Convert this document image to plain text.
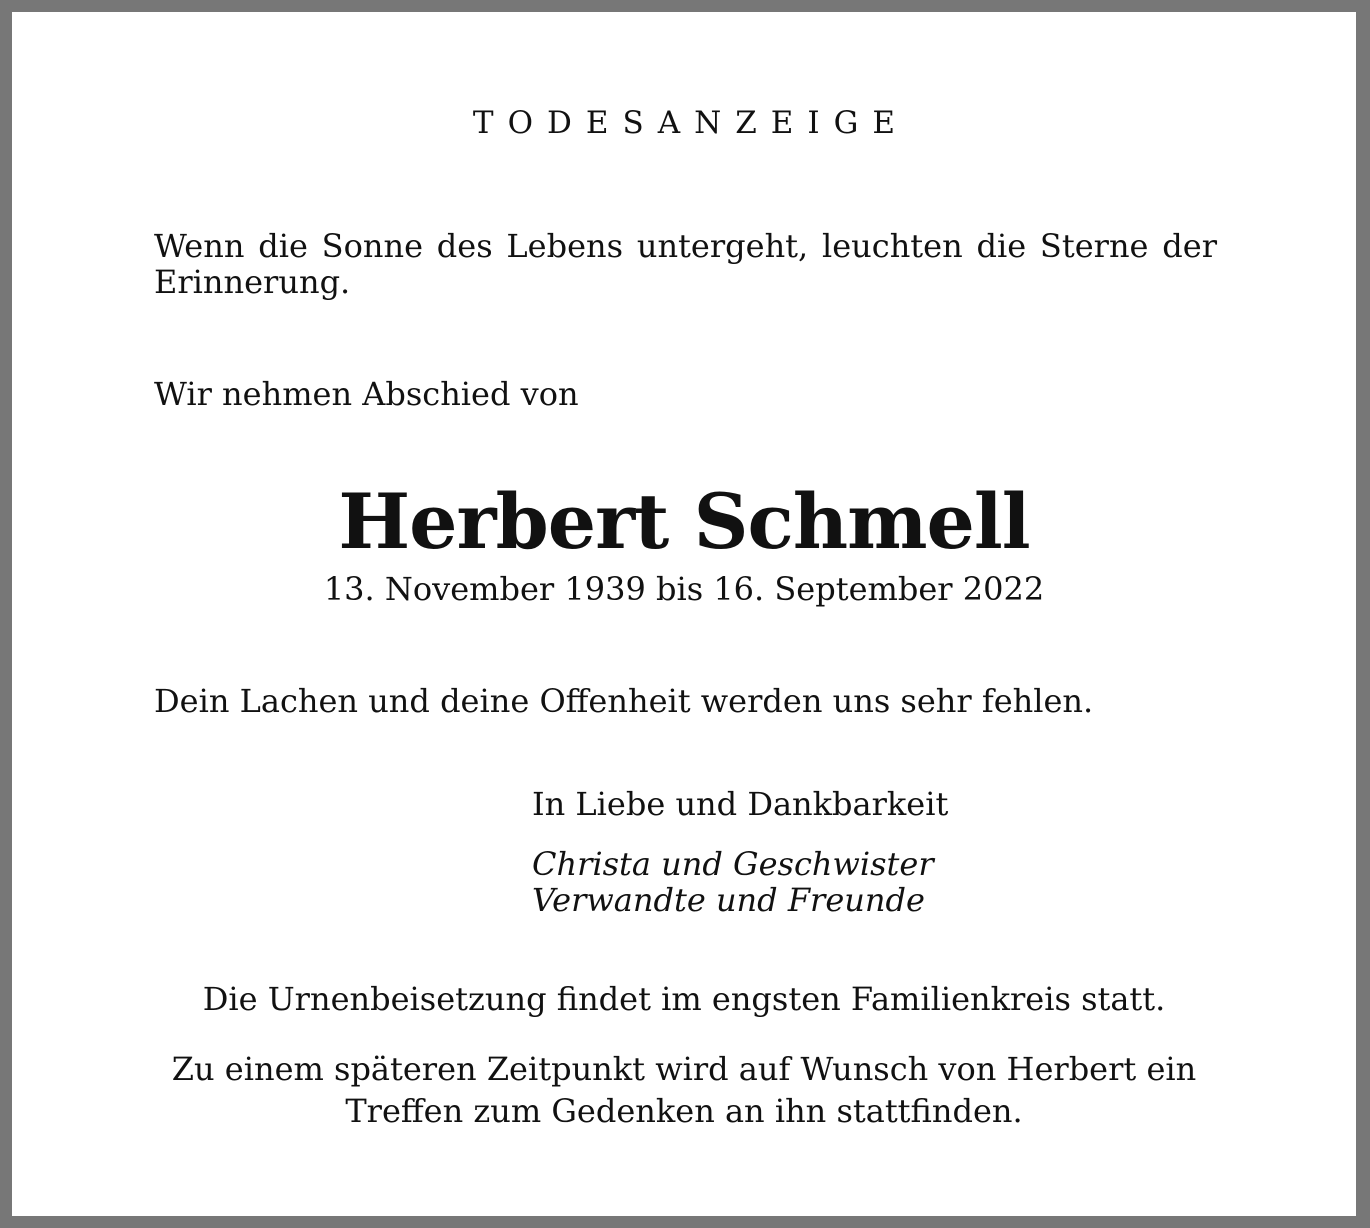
TODESANZEIGE
Wenn die Sonne des Lebens untergeht, leuchten die Sterne der Erinnerung.
Wir nehmen Abschied von
Herbert Schmell
13. November 1939 bis 16. September 2022
Dein Lachen und deine Offenheit werden uns sehr fehlen.
In Liebe und Dankbarkeit
Christa und Geschwister
Verwandte und Freunde
Die Urnenbeisetzung findet im engsten Familienkreis statt.
Zu einem späteren Zeitpunkt wird auf Wunsch von Herbert ein
Treffen zum Gedenken an ihn stattfinden.
